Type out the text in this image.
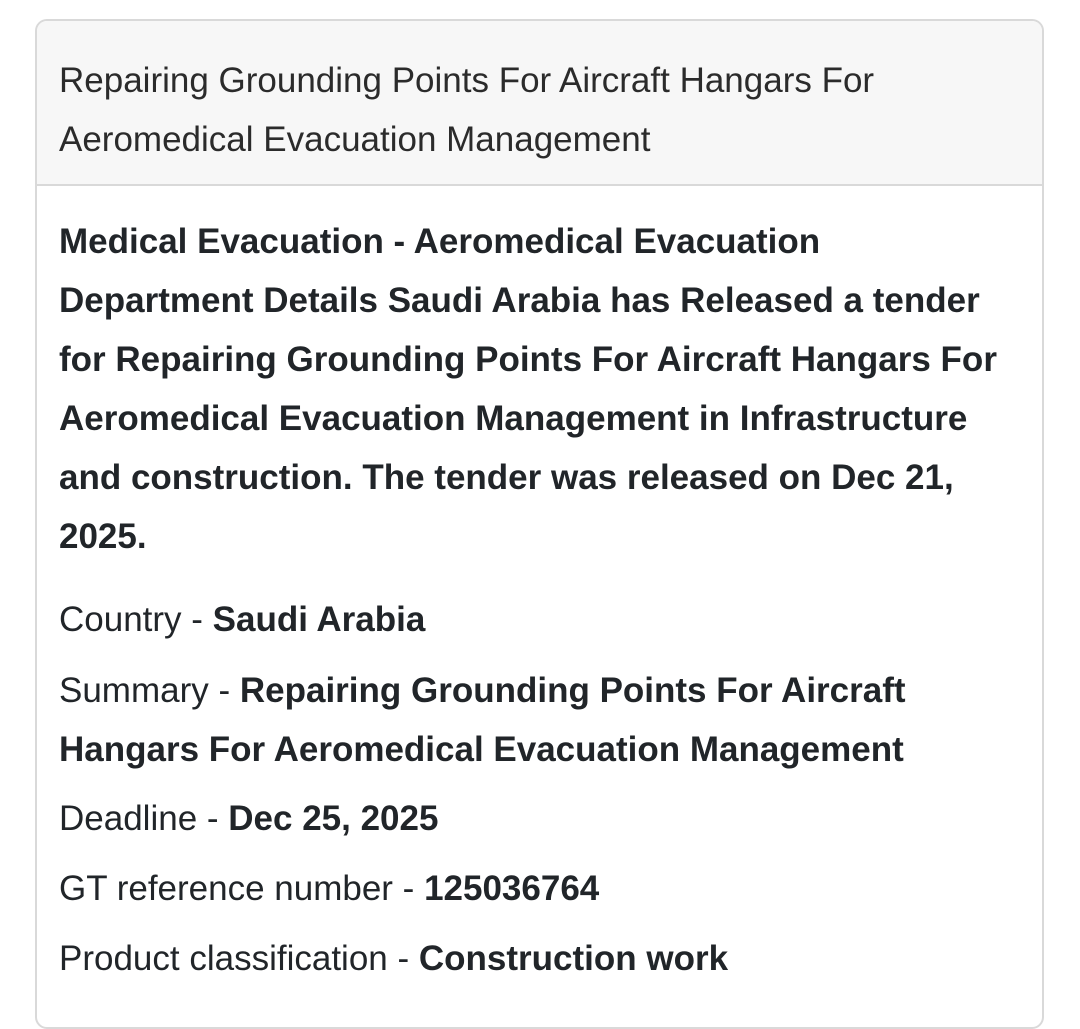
Repairing Grounding Points For Aircraft Hangars For Aeromedical Evacuation Management

Medical Evacuation - Aeromedical Evacuation Department Details Saudi Arabia has Released a tender for Repairing Grounding Points For Aircraft Hangars For Aeromedical Evacuation Management in Infrastructure and construction. The tender was released on Dec 21, 2025.

Country - Saudi Arabia

Summary - Repairing Grounding Points For Aircraft Hangars For Aeromedical Evacuation Management

Deadline - Dec 25, 2025

GT reference number - 125036764

Product classification - Construction work
